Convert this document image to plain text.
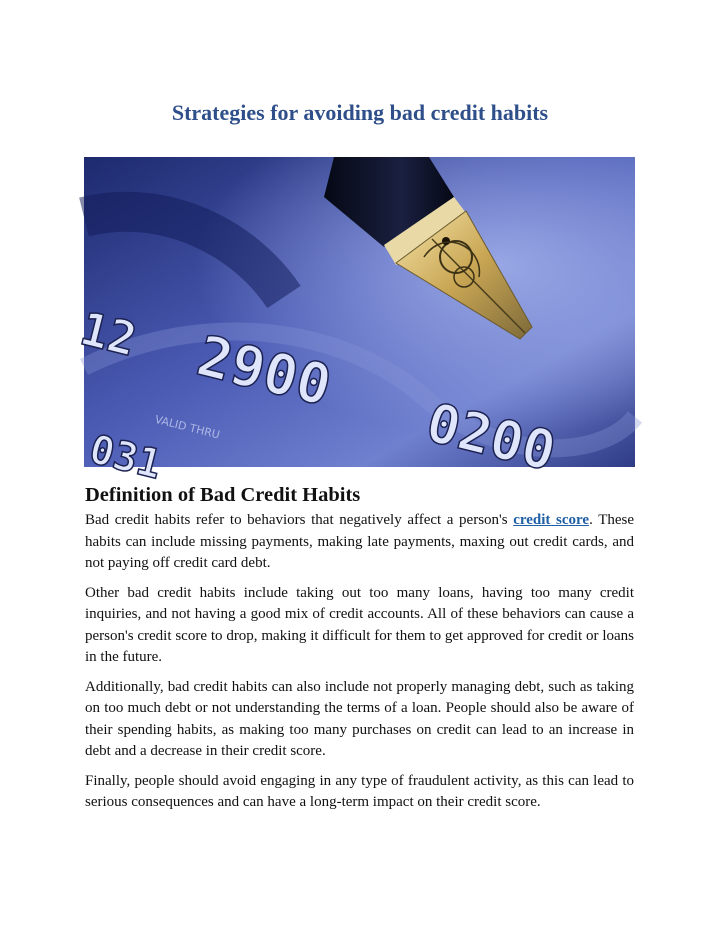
Strategies for avoiding bad credit habits
12 2900
0200
031
VALID THRU
Definition of Bad Credit Habits

Bad credit habits refer to behaviors that negatively affect a person's credit score. These habits can include missing payments, making late payments, maxing out credit cards, and not paying off credit card debt.

Other bad credit habits include taking out too many loans, having too many credit inquiries, and not having a good mix of credit accounts. All of these behaviors can cause a person's credit score to drop, making it difficult for them to get approved for credit or loans in the future.

Additionally, bad credit habits can also include not properly managing debt, such as taking on too much debt or not understanding the terms of a loan. People should also be aware of their spending habits, as making too many purchases on credit can lead to an increase in debt and a decrease in their credit score.

Finally, people should avoid engaging in any type of fraudulent activity, as this can lead to serious consequences and can have a long-term impact on their credit score.
